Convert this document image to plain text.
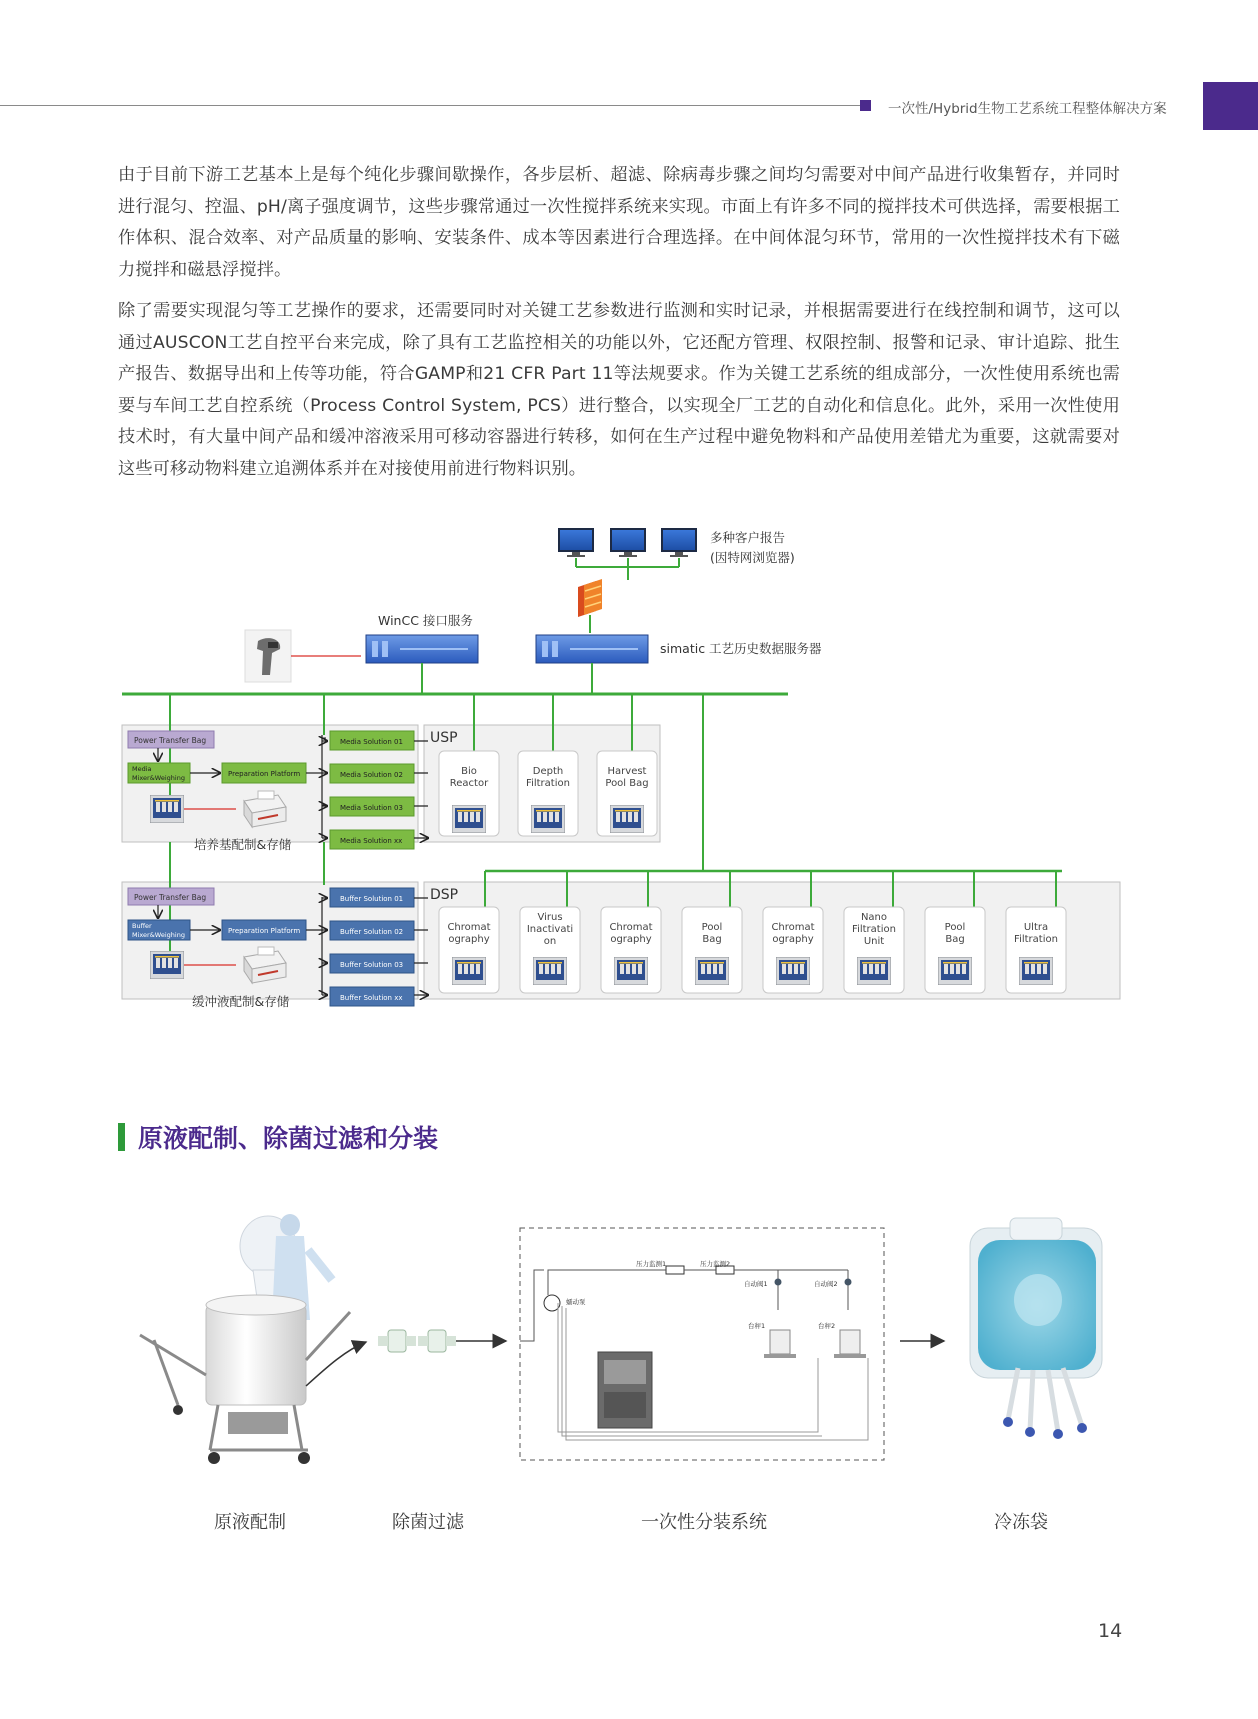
一次性/Hybrid生物工艺系统工程整体解决方案
由于目前下游工艺基本上是每个纯化步骤间歇操作，各步层析、超滤、除病毒步骤之间均匀需要对中间产品进行收集暂存，并同时进行混匀、控温、pH/离子强度调节，这些步骤常通过一次性搅拌系统来实现。市面上有许多不同的搅拌技术可供选择，需要根据工作体积、混合效率、对产品质量的影响、安装条件、成本等因素进行合理选择。在中间体混匀环节，常用的一次性搅拌技术有下磁力搅拌和磁悬浮搅拌。
除了需要实现混匀等工艺操作的要求，还需要同时对关键工艺参数进行监测和实时记录，并根据需要进行在线控制和调节，这可以通过AUSCON工艺自控平台来完成，除了具有工艺监控相关的功能以外，它还配方管理、权限控制、报警和记录、审计追踪、批生产报告、数据导出和上传等功能，符合GAMP和21 CFR Part 11等法规要求。作为关键工艺系统的组成部分，一次性使用系统也需要与车间工艺自控系统（Process Control System, PCS）进行整合，以实现全厂工艺的自动化和信息化。此外，采用一次性使用技术时，有大量中间产品和缓冲溶液采用可移动容器进行转移，如何在生产过程中避免物料和产品使用差错尤为重要，这就需要对这些可移动物料建立追溯体系并在对接使用前进行物料识别。
多种客户报告
(因特网浏览器)
WinCC 接口服务
simatic 工艺历史数据服务器
USP
Power Transfer Bag
Media
Mixer&Weighing	Preparation Platform
Media Solution 01
Media Solution 02
Media Solution 03
Media Solution xx
培养基配制&存储
Bio
Reactor
Depth
Filtration
Harvest
Pool Bag
DSP
Power Transfer Bag
Buffer
Mixer&Weighing	Preparation Platform
Buffer Solution 01
Buffer Solution 02
Buffer Solution 03
Buffer Solution xx
缓冲液配制&存储
Chromat
ography
Virus
Inactivati
on
Chromat
ography
Pool
Bag
Chromat
ography
Nano
Filtration
Unit
Pool
Bag
Ultra
Filtration
原液配制、除菌过滤和分装
压力监测1	压力监测2
蠕动泵
自动阀1	自动阀2
台秤1	台秤2
原液配制	除菌过滤	一次性分装系统	冷冻袋
14
